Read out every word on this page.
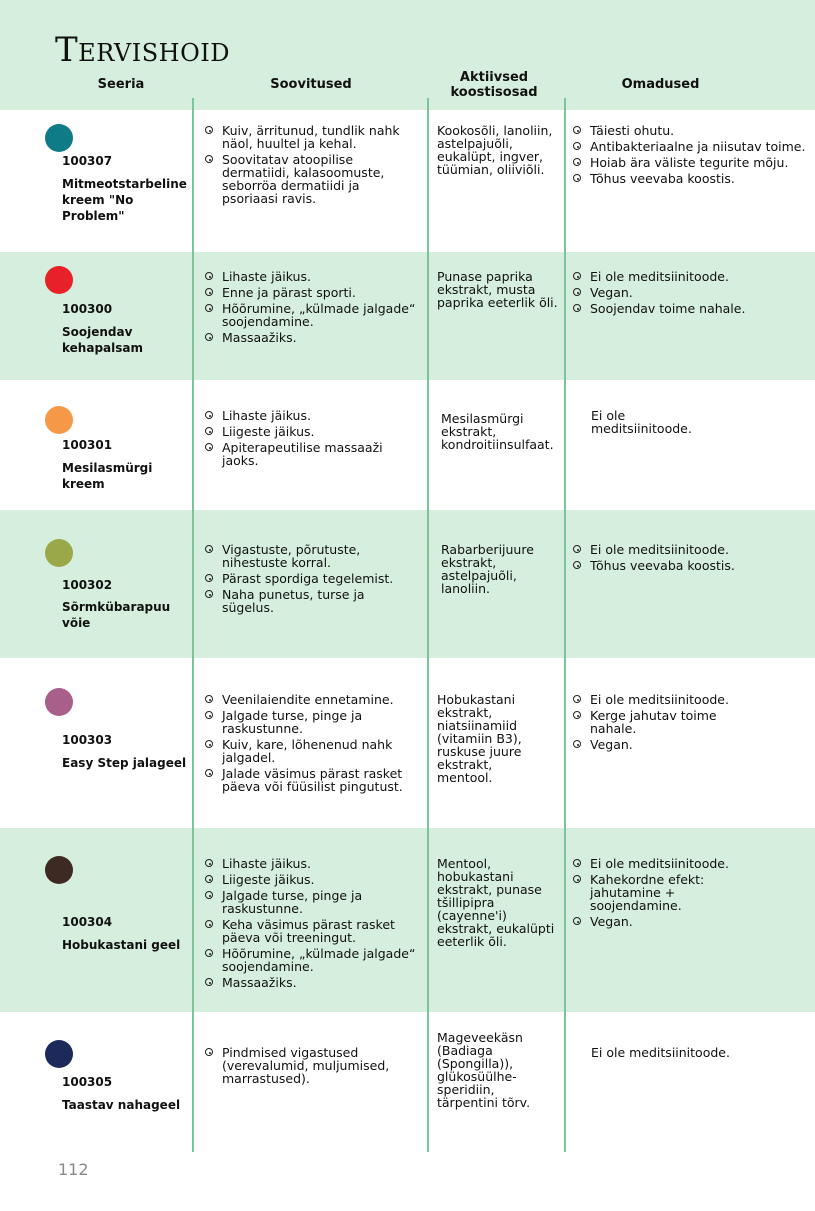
Tervishoid
Seeria	Soovitused	Aktiivsed koostisosad
Omadused
100307
Mitmeotstarbeline kreem "No Problem"
Kuiv, ärritunud, tundlik nahk näol, huultel ja kehal.
Soovitatav atoopilise dermatiidi, kalasoomuste, seborröa dermatiidi ja psoriaasi ravis.
Kookosõli, lanoliin, astelpajuõli, eukalüpt, ingver, tüümian, oliiviõli.
Täiesti ohutu.
Antibakteriaalne ja niisutav toime.
Hoiab ära väliste tegurite mõju.
Tõhus veevaba koostis.
100300
Soojendav kehapalsam
Lihaste jäikus.
Enne ja pärast sporti.
Hõõrumine, „külmade jalgade“ soojendamine.
Massaažiks.
Punase paprika ekstrakt, musta paprika eeterlik õli.
Ei ole meditsiinitoode.
Vegan.
Soojendav toime nahale.
100301
Mesilasmürgi kreem
Lihaste jäikus.
Liigeste jäikus.
Apiterapeutilise massaaži jaoks.
Mesilasmürgi ekstrakt, kondroitiinsulfaat.
Ei ole meditsiinitoode.
100302
Sõrmkübarapuu võie
Vigastuste, põrutuste, nihestuste korral.
Pärast spordiga tegelemist.
Naha punetus, turse ja sügelus.
Rabarberijuure ekstrakt, astelpajuõli, lanoliin.
Ei ole meditsiinitoode.
Tõhus veevaba koostis.
100303
Easy Step jalageel
Veenilaiendite ennetamine.
Jalgade turse, pinge ja raskustunne.
Kuiv, kare, lõhenenud nahk jalgadel.
Jalade väsimus pärast rasket päeva või füüsilist pingutust.
Hobukastani ekstrakt, niatsiinamiid (vitamiin B3), ruskuse juure ekstrakt, mentool.
Ei ole meditsiinitoode.
Kerge jahutav toime nahale.
Vegan.
100304
Hobukastani geel
Lihaste jäikus.
Liigeste jäikus.
Jalgade turse, pinge ja raskustunne.
Keha väsimus pärast rasket päeva või treeningut.
Hõõrumine, „külmade jalgade“ soojendamine.
Massaažiks.
Mentool, hobukastani ekstrakt, punase tšillipipra (cayenne'i) ekstrakt, eukalüpti eeterlik õli.
Ei ole meditsiinitoode.
Kahekordne efekt: jahutamine + soojendamine.
Vegan.
100305
Taastav nahageel
Pindmised vigastused (verevalumid, muljumised, marrastused).
Mageveekäsn (Badiaga (Spongilla)), glükosüülhe-speridiin, tärpentini tõrv.
Ei ole meditsiinitoode.
112
